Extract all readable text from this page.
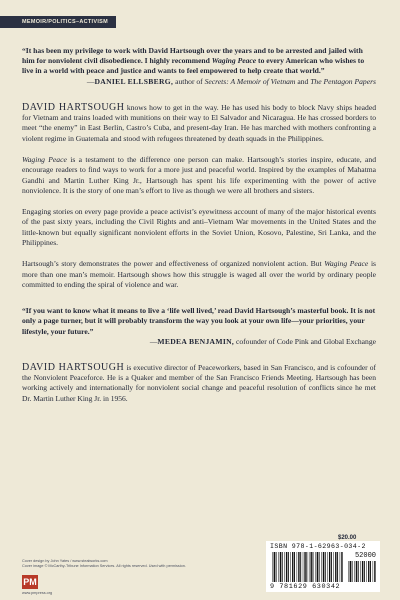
MEMOIR/POLITICS–ACTIVISM

“It has been my privilege to work with David Hartsough over the years and to be arrested and jailed with him for nonviolent civil disobedience. I highly recommend Waging Peace to every American who wishes to live in a world with peace and justice and wants to feel empowered to help create that world.”

—DANIEL ELLSBERG, author of Secrets: A Memoir of Vietnam and The Pentagon Papers

DAVID HARTSOUGH knows how to get in the way. He has used his body to block Navy ships headed for Vietnam and trains loaded with munitions on their way to El Salvador and Nicaragua. He has crossed borders to meet “the enemy” in East Berlin, Castro’s Cuba, and present-day Iran. He has marched with mothers confronting a violent regime in Guatemala and stood with refugees threatened by death squads in the Philippines.

Waging Peace is a testament to the difference one person can make. Hartsough’s stories inspire, educate, and encourage readers to find ways to work for a more just and peaceful world. Inspired by the examples of Mahatma Gandhi and Martin Luther King Jr., Hartsough has spent his life experimenting with the power of active nonviolence. It is the story of one man’s effort to live as though we were all brothers and sisters.

Engaging stories on every page provide a peace activist’s eyewitness account of many of the major historical events of the past sixty years, including the Civil Rights and anti–Vietnam War movements in the United States and the little-known but equally significant nonviolent efforts in the Soviet Union, Kosovo, Palestine, Sri Lanka, and the Philippines.

Hartsough’s story demonstrates the power and effectiveness of organized nonviolent action. But Waging Peace is more than one man’s memoir. Hartsough shows how this struggle is waged all over the world by ordinary people committed to ending the spiral of violence and war.

“If you want to know what it means to live a ‘life well lived,’ read David Hartsough’s masterful book. It is not only a page turner, but it will probably transform the way you look at your own life—your priorities, your lifestyle, your future.”

—MEDEA BENJAMIN, cofounder of Code Pink and Global Exchange

DAVID HARTSOUGH is executive director of Peaceworkers, based in San Francisco, and is cofounder of the Nonviolent Peaceforce. He is a Quaker and member of the San Francisco Friends Meeting. Hartsough has been working actively and internationally for nonviolent social change and peaceful resolution of conflicts since he met Dr. Martin Luther King Jr. in 1956.

Cover design by John Yates / www.stealworks.com
Cover image © McCarthy-Tribune Information Services. All rights reserved. Used with permission.
PM
www.pmpress.org
$20.00
ISBN 978-1-62963-034-2
52000
9 781629 630342
